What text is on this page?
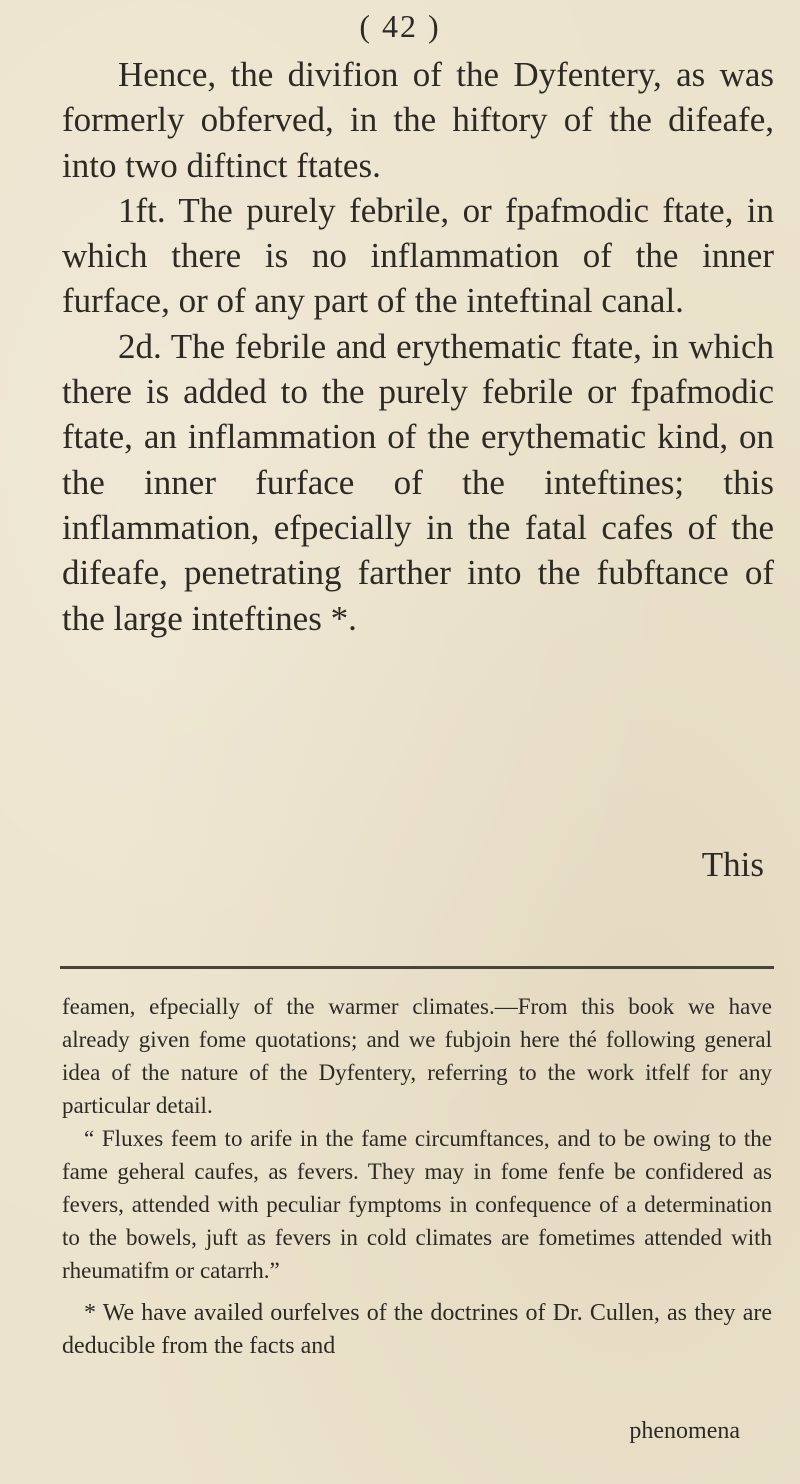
( 42 )

Hence, the divifion of the Dyfentery, as was formerly obferved, in the hiftory of the difeafe, into two diftinct ftates.

1ft. The purely febrile, or fpafmodic ftate, in which there is no inflammation of the inner furface, or of any part of the inteftinal canal.

2d. The febrile and erythematic ftate, in which there is added to the purely febrile or fpafmodic ftate, an inflammation of the erythematic kind, on the inner furface of the inteftines; this inflammation, efpecially in the fatal cafes of the difeafe, penetrating farther into the fubftance of the large inteftines *.

This

feamen, efpecially of the warmer climates.—From this book we have already given fome quotations; and we fubjoin here thé following general idea of the nature of the Dyfentery, referring to the work itfelf for any particular detail.

“ Fluxes feem to arife in the fame circumftances, and to be owing to the fame geheral caufes, as fevers. They may in fome fenfe be confidered as fevers, attended with peculiar fymptoms in confequence of a determination to the bowels, juft as fevers in cold climates are fometimes attended with rheumatifm or catarrh.”

* We have availed ourfelves of the doctrines of Dr. Cullen, as they are deducible from the facts and

phenomena
